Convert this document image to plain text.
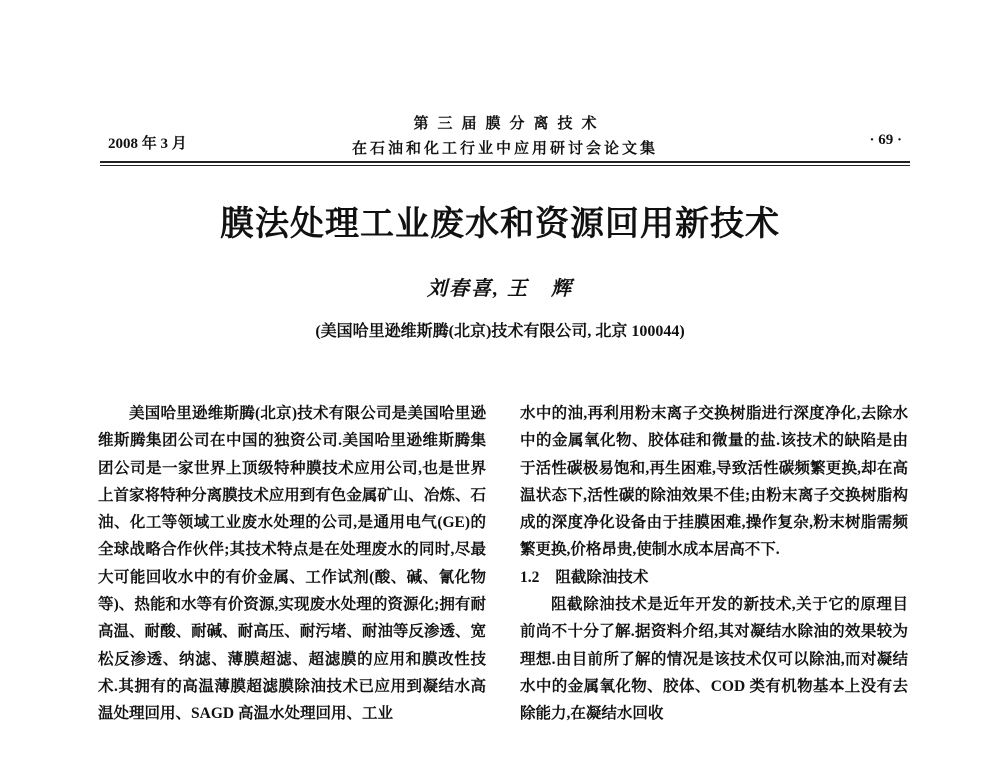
2008 年 3 月
第三届膜分离技术
在石油和化工行业中应用研讨会论文集
· 69 ·
膜法处理工业废水和资源回用新技术
刘春喜, 王　辉
(美国哈里逊维斯腾(北京)技术有限公司, 北京 100044)

美国哈里逊维斯腾(北京)技术有限公司是美国哈里逊维斯腾集团公司在中国的独资公司.美国哈里逊维斯腾集团公司是一家世界上顶级特种膜技术应用公司,也是世界上首家将特种分离膜技术应用到有色金属矿山、冶炼、石油、化工等领域工业废水处理的公司,是通用电气(GE)的全球战略合作伙伴;其技术特点是在处理废水的同时,尽最大可能回收水中的有价金属、工作试剂(酸、碱、氰化物等)、热能和水等有价资源,实现废水处理的资源化;拥有耐高温、耐酸、耐碱、耐高压、耐污堵、耐油等反渗透、宽松反渗透、纳滤、薄膜超滤、超滤膜的应用和膜改性技术.其拥有的高温薄膜超滤膜除油技术已应用到凝结水高温处理回用、SAGD 高温水处理回用、工业

水中的油,再利用粉末离子交换树脂进行深度净化,去除水中的金属氧化物、胶体硅和微量的盐.该技术的缺陷是由于活性碳极易饱和,再生困难,导致活性碳频繁更换,却在高温状态下,活性碳的除油效果不佳;由粉末离子交换树脂构成的深度净化设备由于挂膜困难,操作复杂,粉末树脂需频繁更换,价格昂贵,使制水成本居高不下.

1.2 阻截除油技术

阻截除油技术是近年开发的新技术,关于它的原理目前尚不十分了解.据资料介绍,其对凝结水除油的效果较为理想.由目前所了解的情况是该技术仅可以除油,而对凝结水中的金属氧化物、胶体、COD 类有机物基本上没有去除能力,在凝结水回收
